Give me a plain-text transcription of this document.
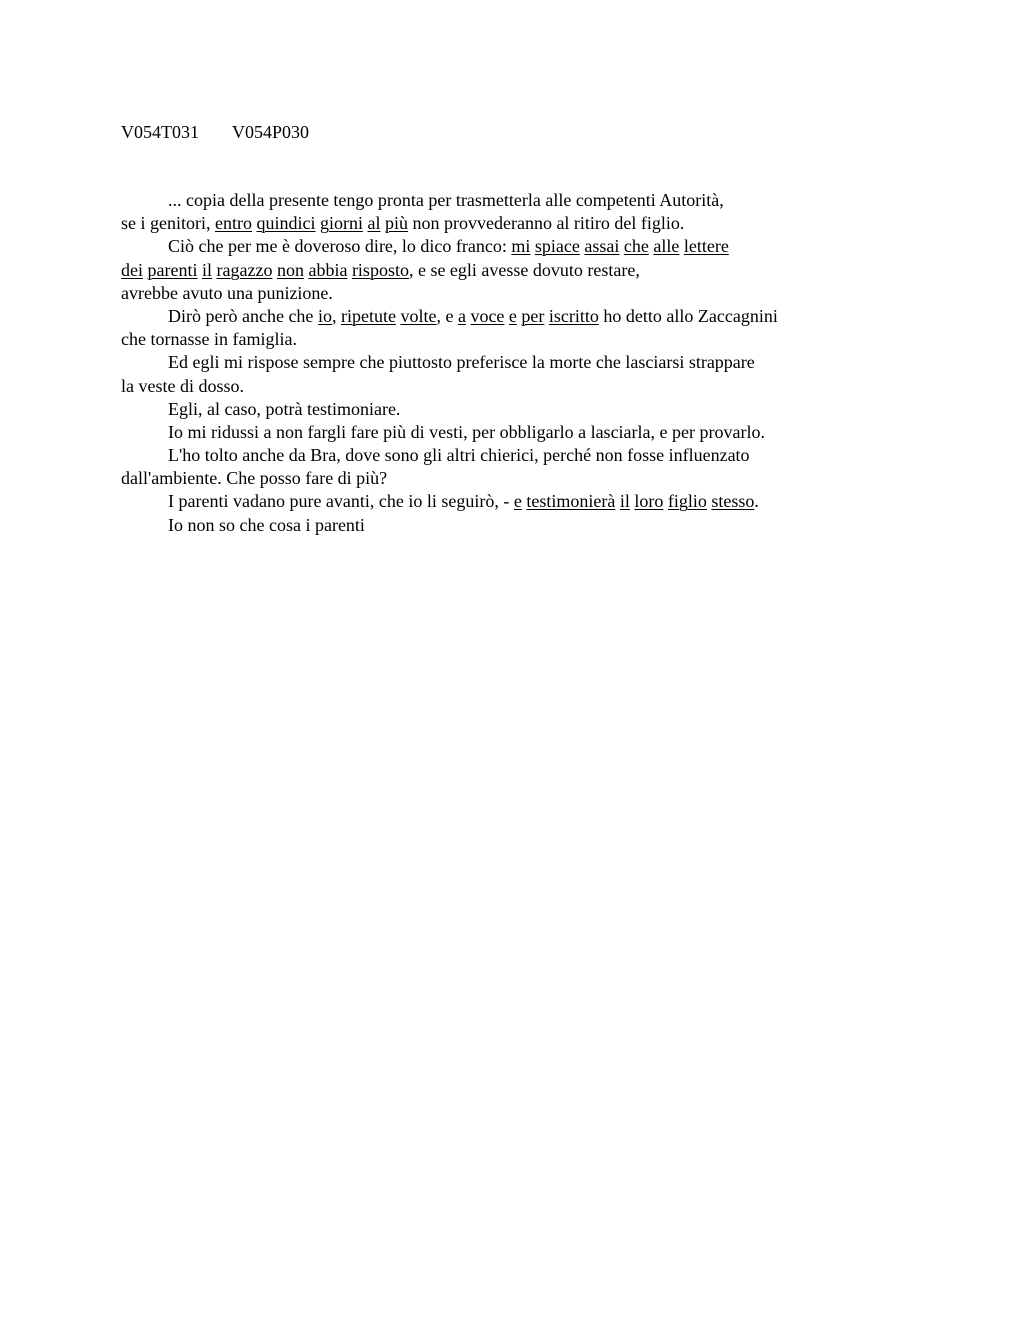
V054T031 V054P030
... copia della presente tengo pronta per trasmetterla alle competenti Autorità,
se i genitori, entro quindici giorni al più non provvederanno al ritiro del figlio.
Ciò che per me è doveroso dire, lo dico franco: mi spiace assai che alle lettere
dei parenti il ragazzo non abbia risposto, e se egli avesse dovuto restare,
avrebbe avuto una punizione.
Dirò però anche che io, ripetute volte, e a voce e per iscritto ho detto allo Zaccagnini
che tornasse in famiglia.
Ed egli mi rispose sempre che piuttosto preferisce la morte che lasciarsi strappare
la veste di dosso.
Egli, al caso, potrà testimoniare.
Io mi ridussi a non fargli fare più di vesti, per obbligarlo a lasciarla, e per provarlo.
L'ho tolto anche da Bra, dove sono gli altri chierici, perché non fosse influenzato
dall'ambiente. Che posso fare di più?
I parenti vadano pure avanti, che io li seguirò, - e testimonierà il loro figlio stesso.
Io non so che cosa i parenti
